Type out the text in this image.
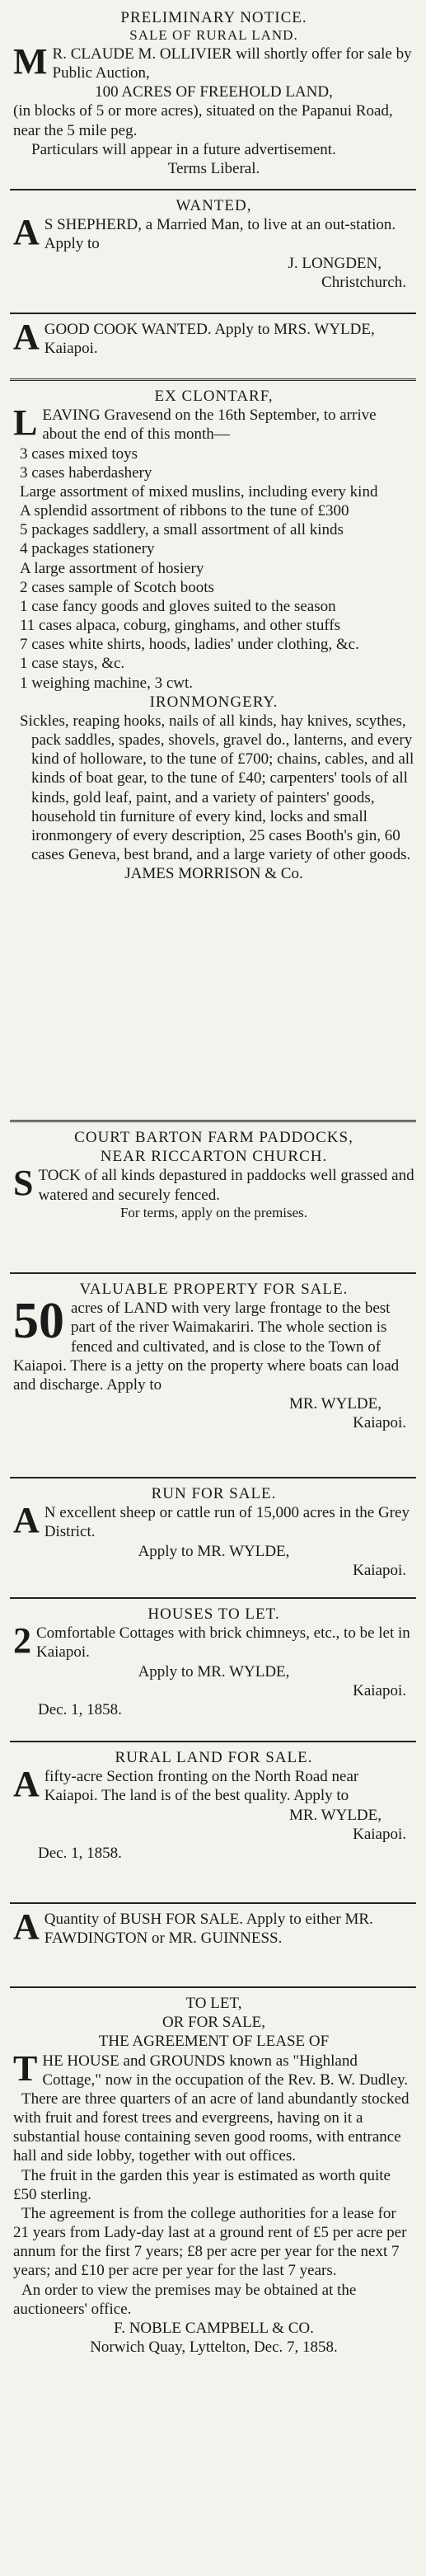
PRELIMINARY NOTICE.
SALE OF RURAL LAND.

M R. CLAUDE M. OLLIVIER will shortly offer for sale by Public Auction,

100 ACRES OF FREEHOLD LAND,

(in blocks of 5 or more acres), situated on the Papanui Road, near the 5 mile peg.

Particulars will appear in a future advertisement.

Terms Liberal.
WANTED,

A S SHEPHERD, a Married Man, to live at an out-station. Apply to

J. LONGDEN,
Christchurch.

AGOOD COOK WANTED. Apply to MRS. WYLDE, Kaiapoi.

EX CLONTARF,

LEAVING Gravesend on the 16th September, to arrive about the end of this month—

3 cases mixed toys
3 cases haberdashery
Large assortment of mixed muslins, including every kind
A splendid assortment of ribbons to the tune of £300
5 packages saddlery, a small assortment of all kinds
4 packages stationery
A large assortment of hosiery
2 cases sample of Scotch boots
1 case fancy goods and gloves suited to the season
11 cases alpaca, coburg, ginghams, and other stuffs
7 cases white shirts, hoods, ladies' under clothing, &c.
1 case stays, &c.
1 weighing machine, 3 cwt.
IRONMONGERY.

Sickles, reaping hooks, nails of all kinds, hay knives, scythes, pack saddles, spades, shovels, gravel do., lanterns, and every kind of holloware, to the tune of £700; chains, cables, and all kinds of boat gear, to the tune of £40; carpenters' tools of all kinds, gold leaf, paint, and a variety of painters' goods, household tin furniture of every kind, locks and small ironmongery of every description, 25 cases Booth's gin, 60 cases Geneva, best brand, and a large variety of other goods.

JAMES MORRISON & Co.
COURT BARTON FARM PADDOCKS,
NEAR RICCARTON CHURCH.

STOCK of all kinds depastured in paddocks well grassed and watered and securely fenced.

For terms, apply on the premises.
VALUABLE PROPERTY FOR SALE.

50 acres of LAND with very large frontage to the best part of the river Waimakariri. The whole section is fenced and cultivated, and is close to the Town of Kaiapoi. There is a jetty on the property where boats can load and discharge. Apply to

MR. WYLDE,
Kaiapoi.
RUN FOR SALE.

A N excellent sheep or cattle run of 15,000 acres in the Grey District.

Apply to MR. WYLDE,
Kaiapoi.
HOUSES TO LET.

2 Comfortable Cottages with brick chimneys, etc., to be let in Kaiapoi.

Apply to MR. WYLDE,
Kaiapoi.
Dec. 1, 1858.
RURAL LAND FOR SALE.

Afifty-acre Section fronting on the North Road near Kaiapoi. The land is of the best quality. Apply to

MR. WYLDE,
Kaiapoi.
Dec. 1, 1858.

A Quantity of BUSH FOR SALE. Apply to either MR. FAWDINGTON or MR. GUINNESS.

TO LET,
OR FOR SALE,
THE AGREEMENT OF LEASE OF

THE HOUSE and GROUNDS known as "Highland Cottage," now in the occupation of the Rev. B. W. Dudley.

There are three quarters of an acre of land abundantly stocked with fruit and forest trees and evergreens, having on it a substantial house containing seven good rooms, with entrance hall and side lobby, together with out offices.

The fruit in the garden this year is estimated as worth quite £50 sterling.

The agreement is from the college authorities for a lease for 21 years from Lady-day last at a ground rent of £5 per acre per annum for the first 7 years; £8 per acre per year for the next 7 years; and £10 per acre per year for the last 7 years.

An order to view the premises may be obtained at the auctioneers' office.

F. NOBLE CAMPBELL & CO.
Norwich Quay, Lyttelton, Dec. 7, 1858.
